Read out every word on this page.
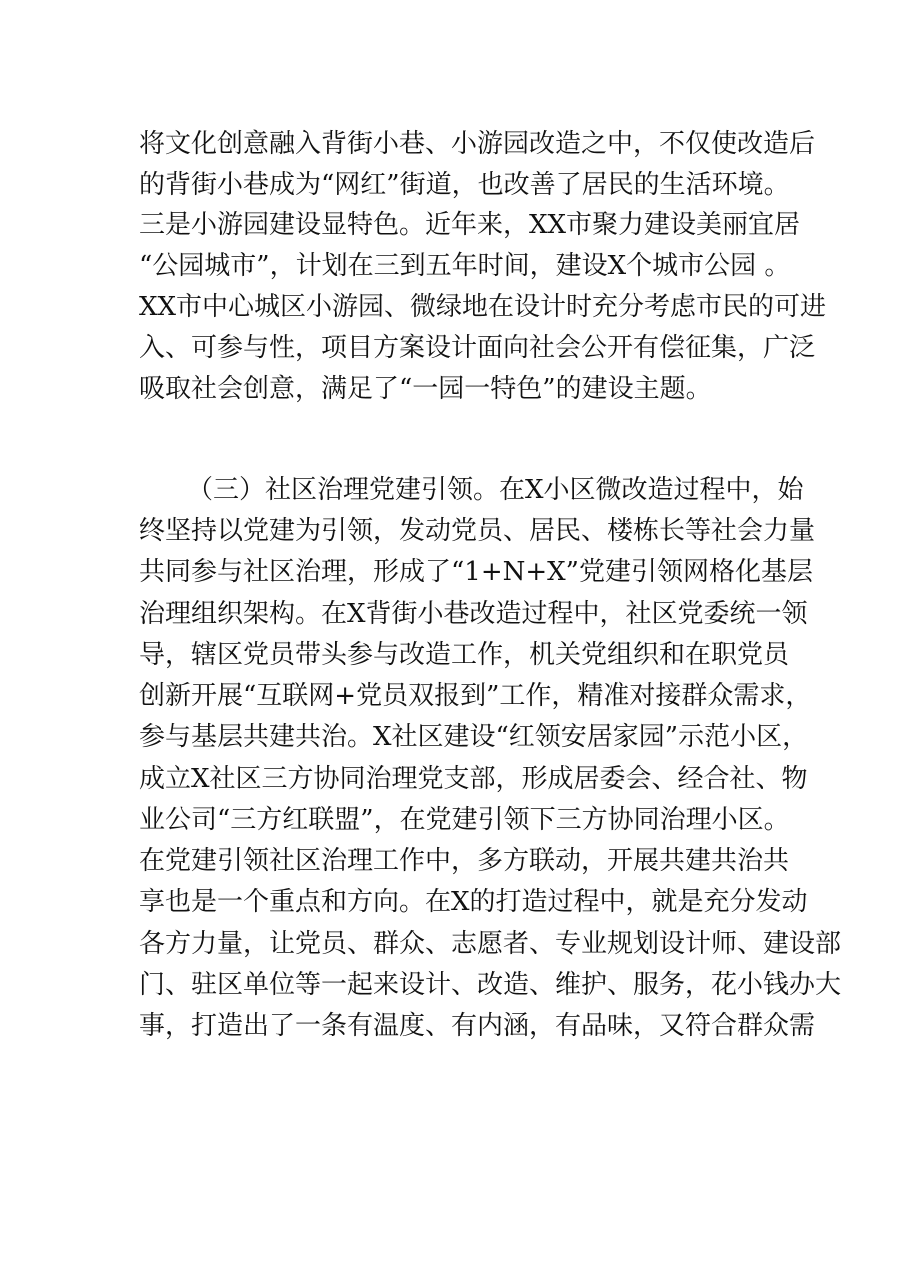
将文化创意融入背街小巷、小游园改造之中，不仅使改造后
的背街小巷成为“网红”街道，也改善了居民的生活环境。
三是小游园建设显特色。近年来，XX市聚力建设美丽宜居
“公园城市”，计划在三到五年时间，建设X个城市公园 。
XX市中心城区小游园、微绿地在设计时充分考虑市民的可进
入、可参与性，项目方案设计面向社会公开有偿征集，广泛
吸取社会创意，满足了“一园一特色”的建设主题。
（三）社区治理党建引领。在X小区微改造过程中，始
终坚持以党建为引领，发动党员、居民、楼栋长等社会力量
共同参与社区治理，形成了“1+N+X”党建引领网格化基层
治理组织架构。在X背街小巷改造过程中，社区党委统一领
导，辖区党员带头参与改造工作，机关党组织和在职党员
创新开展“互联网+党员双报到”工作，精准对接群众需求，
参与基层共建共治。X社区建设“红领安居家园”示范小区，
成立X社区三方协同治理党支部，形成居委会、经合社、物
业公司“三方红联盟”，在党建引领下三方协同治理小区。
在党建引领社区治理工作中，多方联动，开展共建共治共
享也是一个重点和方向。在X的打造过程中，就是充分发动
各方力量，让党员、群众、志愿者、专业规划设计师、建设部
门、驻区单位等一起来设计、改造、维护、服务，花小钱办大
事，打造出了一条有温度、有内涵，有品味，又符合群众需
